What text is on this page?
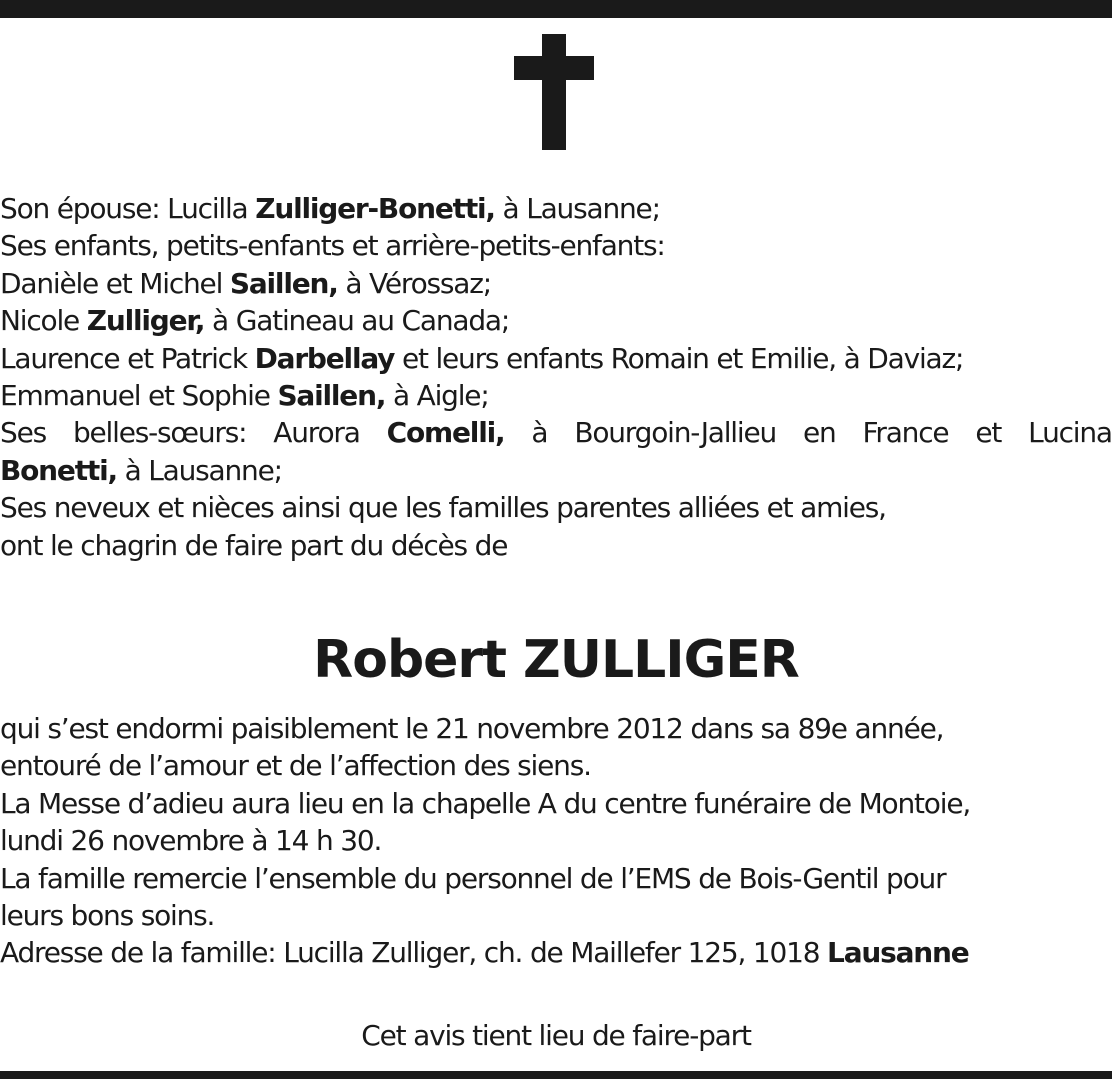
Son épouse: Lucilla Zulliger-Bonetti, à Lausanne;
Ses enfants, petits-enfants et arrière-petits-enfants:
Danièle et Michel Saillen, à Vérossaz;
Nicole Zulliger, à Gatineau au Canada;
Laurence et Patrick Darbellay et leurs enfants Romain et Emilie, à Daviaz;
Emmanuel et Sophie Saillen, à Aigle;
Ses belles-sœurs: Aurora Comelli, à Bourgoin-Jallieu en France et Lucina
Bonetti, à Lausanne;
Ses neveux et nièces ainsi que les familles parentes alliées et amies,
ont le chagrin de faire part du décès de
Robert ZULLIGER
qui s’est endormi paisiblement le 21 novembre 2012 dans sa 89e année,
entouré de l’amour et de l’affection des siens.
La Messe d’adieu aura lieu en la chapelle A du centre funéraire de Montoie,
lundi 26 novembre à 14 h 30.
La famille remercie l’ensemble du personnel de l’EMS de Bois-Gentil pour
leurs bons soins.
Adresse de la famille: Lucilla Zulliger, ch. de Maillefer 125, 1018 Lausanne
Cet avis tient lieu de faire-part
